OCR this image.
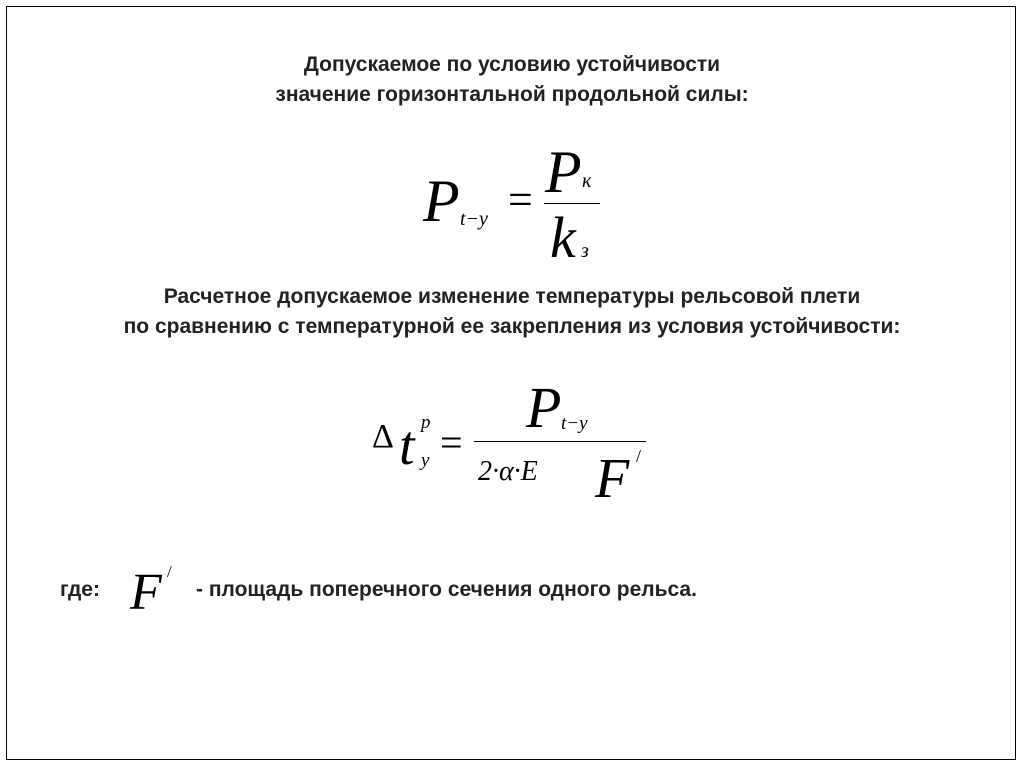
Допускаемое по условию устойчивости
значение горизонтальной продольной силы:
P t−y = P к
k з
Расчетное допускаемое изменение температуры рельсовой плети
по сравнению с температурной ее закрепления из условия устойчивости:
Δ t p
y =
P t−y
2·α·E F /
где: F /
- площадь поперечного сечения одного рельса.
